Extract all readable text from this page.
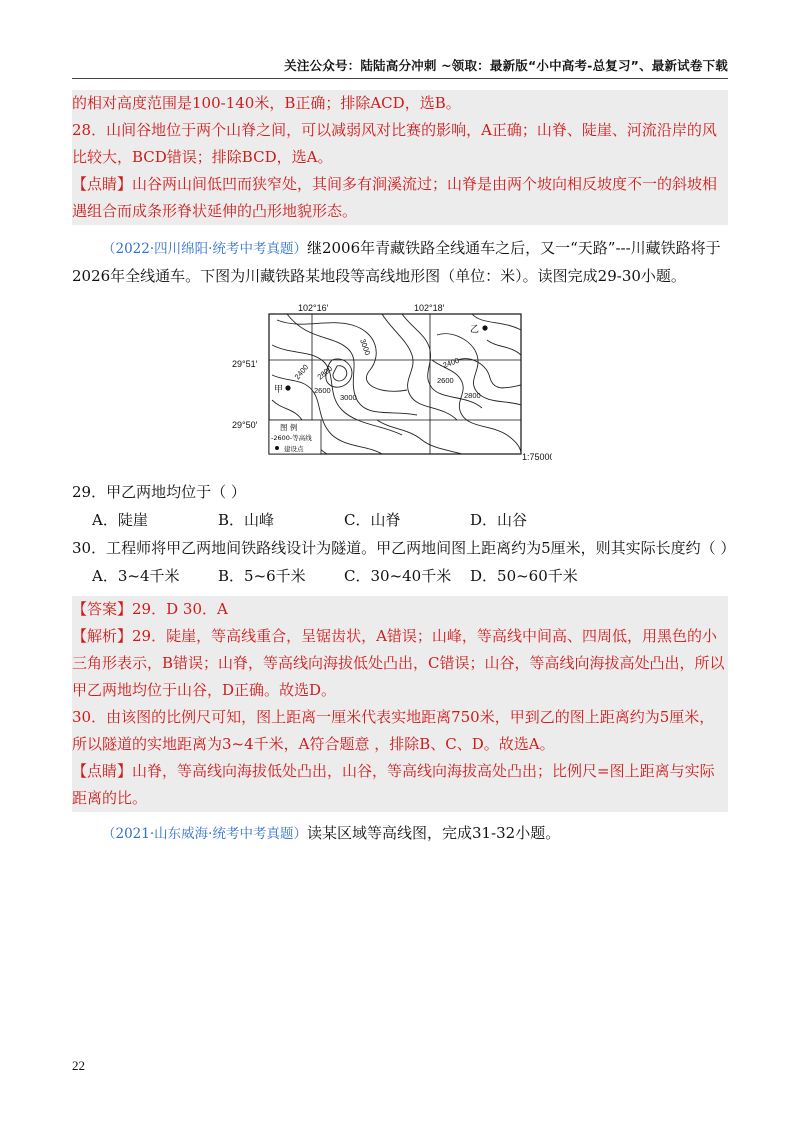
关注公众号：陆陆高分冲刺 ~领取：最新版“小中高考-总复习”、最新试卷下载

的相对高度范围是100-140米，B正确；排除ACD，选B。

28．山间谷地位于两个山脊之间，可以减弱风对比赛的影响，A正确；山脊、陡崖、河流沿岸的风比较大，BCD错误；排除BCD，选A。

【点睛】山谷两山间低凹而狭窄处，其间多有涧溪流过；山脊是由两个坡向相反坡度不一的斜坡相遇组合而成条形脊状延伸的凸形地貌形态。

（2022·四川绵阳·统考中考真题）继2006年青藏铁路全线通车之后，又一“天路”---川藏铁路将于2026年全线通车。下图为川藏铁路某地段等高线地形图（单位：米）。读图完成29-30小题。

102°16′	102°18′
29°51′
29°50′
1:75000
3000
2400
2600
2800
3000
2400
2600
2800
甲
乙
图 例
-2600-等高线
建设点

29．甲乙两地均位于（ ）

A．陡崖	B．山峰	C．山脊	D．山谷

30．工程师将甲乙两地间铁路线设计为隧道。甲乙两地间图上距离约为5厘米，则其实际长度约（ ）

A．3~4千米	B．5~6千米	C．30~40千米	D．50~60千米

【答案】29．D 30．A

【解析】29．陡崖，等高线重合，呈锯齿状，A错误；山峰，等高线中间高、四周低，用黑色的小三角形表示，B错误；山脊，等高线向海拔低处凸出，C错误；山谷，等高线向海拔高处凸出，所以甲乙两地均位于山谷，D正确。故选D。

30．由该图的比例尺可知，图上距离一厘米代表实地距离750米，甲到乙的图上距离约为5厘米，所以隧道的实地距离为3~4千米，A符合题意 ，排除B、C、D。故选A。

【点睛】山脊，等高线向海拔低处凸出，山谷，等高线向海拔高处凸出；比例尺=图上距离与实际距离的比。

（2021·山东威海·统考中考真题）读某区域等高线图，完成31-32小题。

22
